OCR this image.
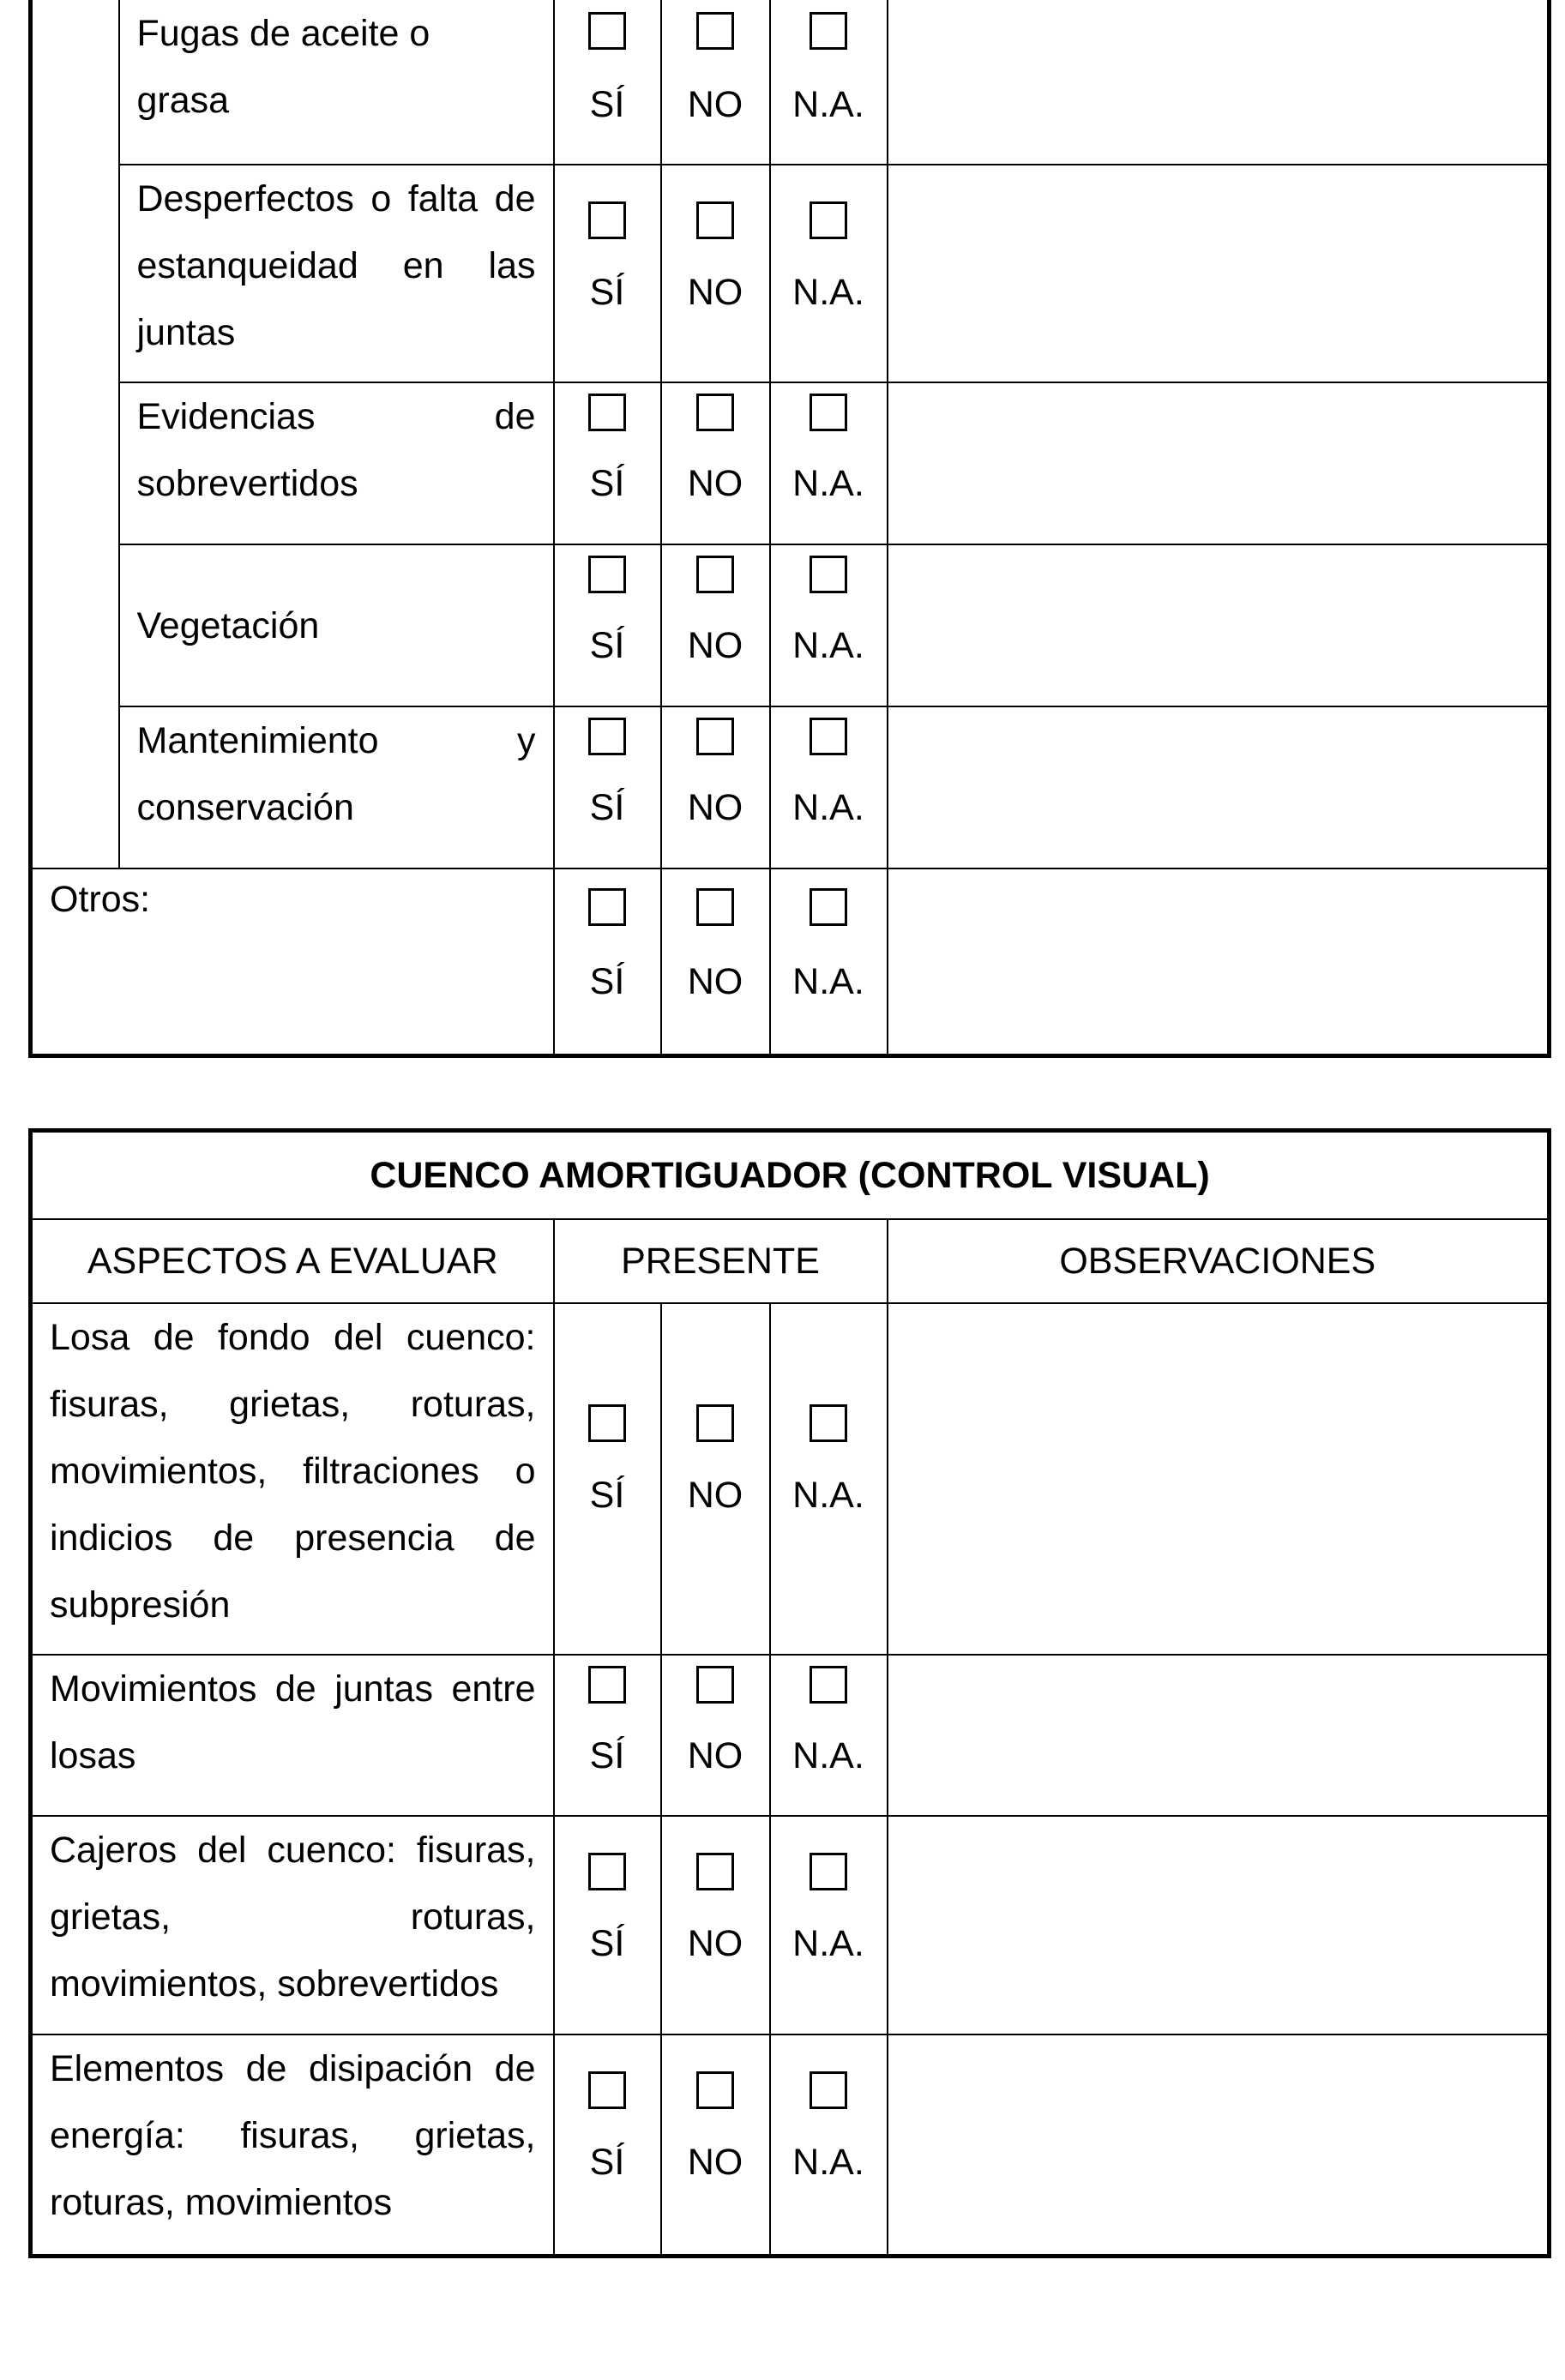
	Fugas de aceite o
grasa	SÍ	NO	N.A.	

	Desperfectos o falta de
estanqueidad en las
juntas	SÍ	NO	N.A.	

	Evidencias de
sobrevertidos	SÍ	NO	N.A.	

	Vegetación	SÍ	NO	N.A.	

	Mantenimiento y
conservación	SÍ	NO	N.A.	

Otros:		SÍ	NO	N.A.	

CUENCO AMORTIGUADOR (CONTROL VISUAL)				
ASPECTOS A EVALUAR	PRESENTE			OBSERVACIONES

Losa de fondo del cuenco:
fisuras, grietas, roturas,
movimientos, filtraciones o
indicios de presencia de
subpresión	SÍ	NO	N.A.	

Movimientos de juntas entre
losas	SÍ	NO	N.A.	

Cajeros del cuenco: fisuras,
grietas, roturas,
movimientos, sobrevertidos	SÍ	NO	N.A.	

Elementos de disipación de
energía: fisuras, grietas,
roturas, movimientos	SÍ	NO	N.A.	
